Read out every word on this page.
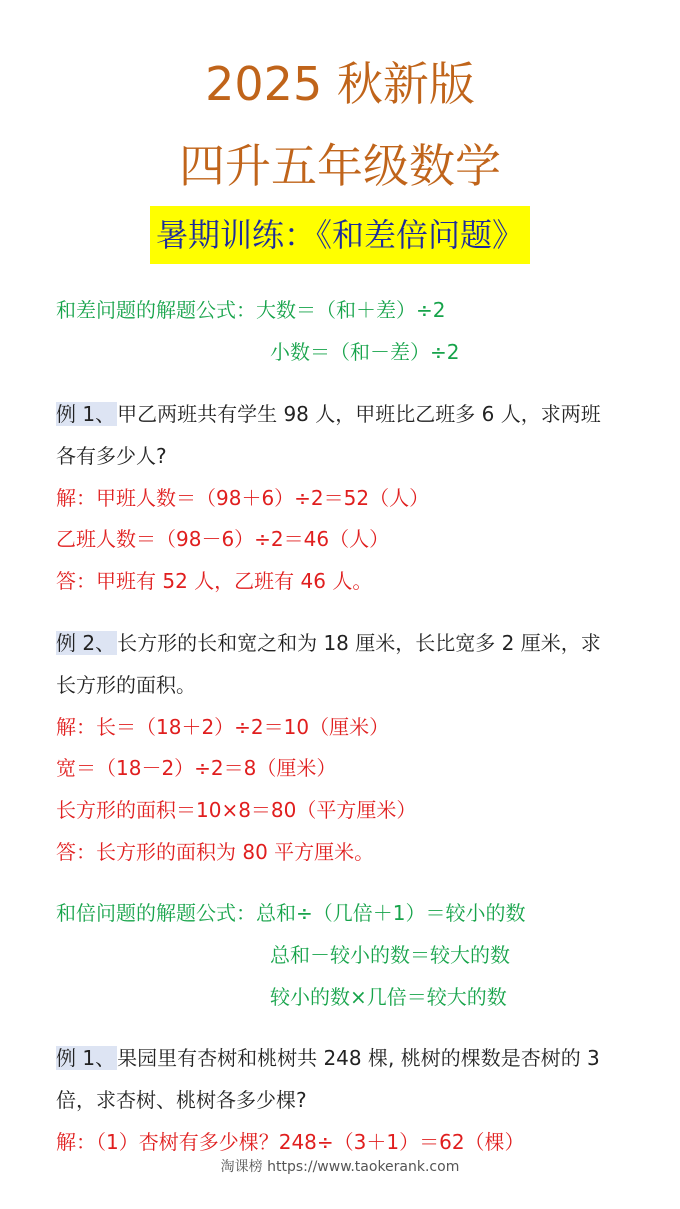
2025 秋新版
四升五年级数学
暑期训练：《和差倍问题》
和差问题的解题公式：大数＝（和＋差）÷2
小数＝（和－差）÷2
例 1、 甲乙两班共有学生 98 人，甲班比乙班多 6 人，求两班
各有多少人?
解：甲班人数＝（98＋6）÷2＝52（人）
乙班人数＝（98－6）÷2＝46（人）
答：甲班有 52 人，乙班有 46 人。
例 2、 长方形的长和宽之和为 18 厘米，长比宽多 2 厘米，求
长方形的面积。
解：长＝（18＋2）÷2＝10（厘米）
宽＝（18－2）÷2＝8（厘米）
长方形的面积＝10×8＝80（平方厘米）
答：长方形的面积为 80 平方厘米。
和倍问题的解题公式：总和÷（几倍＋1）＝较小的数
总和－较小的数＝较大的数
较小的数×几倍＝较大的数
例 1、 果园里有杏树和桃树共 248 棵, 桃树的棵数是杏树的 3
倍，求杏树、桃树各多少棵?
解：（1）杏树有多少棵？248÷（3＋1）＝62（棵）
淘课榜 https://www.taokerank.com
